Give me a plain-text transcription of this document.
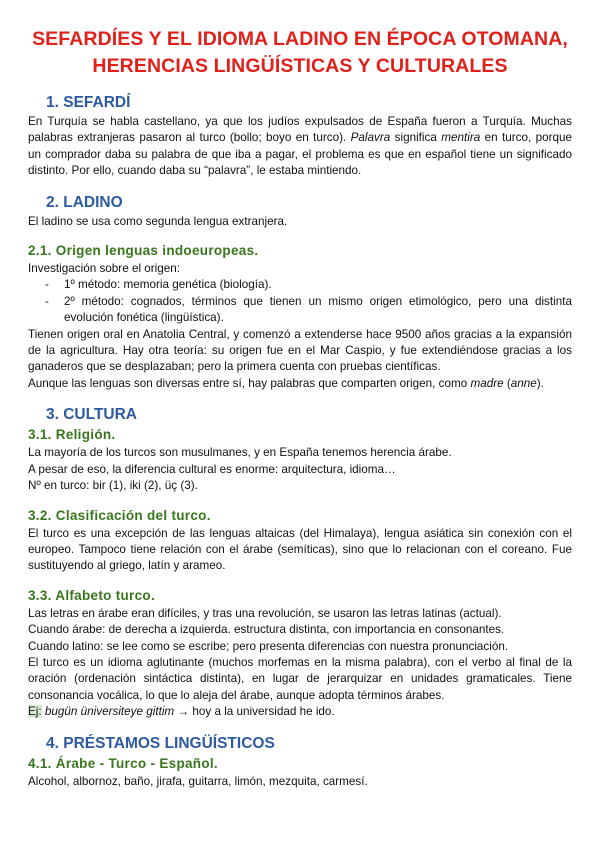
SEFARDÍES Y EL IDIOMA LADINO EN ÉPOCA OTOMANA, HERENCIAS LINGÜÍSTICAS Y CULTURALES
1. SEFARDÍ

En Turquía se habla castellano, ya que los judíos expulsados de España fueron a Turquía. Muchas palabras extranjeras pasaron al turco (bollo; boyo en turco). Palavra significa mentira en turco, porque un comprador daba su palabra de que iba a pagar, el problema es que en español tiene un significado distinto. Por ello, cuando daba su “palavra”, le estaba mintiendo.

2. LADINO

El ladino se usa como segunda lengua extranjera.

2.1. Origen lenguas indoeuropeas.

Investigación sobre el origen:

- 1º método: memoria genética (biología).
- 2º método: cognados, términos que tienen un mismo origen etimológico, pero una distinta evolución fonética (lingüística).

Tienen origen oral en Anatolia Central, y comenzó a extenderse hace 9500 años gracias a la expansión de la agricultura. Hay otra teoría: su origen fue en el Mar Caspio, y fue extendiéndose gracias a los ganaderos que se desplazaban; pero la primera cuenta con pruebas científicas.

Aunque las lenguas son diversas entre sí, hay palabras que comparten origen, como madre (anne).

3. CULTURA
3.1. Religión.

La mayoría de los turcos son musulmanes, y en España tenemos herencia árabe.

A pesar de eso, la diferencia cultural es enorme: arquitectura, idioma…

Nº en turco: bir (1), iki (2), üç (3).

3.2. Clasificación del turco.

El turco es una excepción de las lenguas altaicas (del Himalaya), lengua asiática sin conexión con el europeo. Tampoco tiene relación con el árabe (semíticas), sino que lo relacionan con el coreano. Fue sustituyendo al griego, latín y arameo.

3.3. Alfabeto turco.

Las letras en árabe eran difíciles, y tras una revolución, se usaron las letras latinas (actual).

Cuando árabe: de derecha a izquierda. estructura distinta, con importancia en consonantes.

Cuando latino: se lee como se escribe; pero presenta diferencias con nuestra pronunciación.

El turco es un idioma aglutinante (muchos morfemas en la misma palabra), con el verbo al final de la oración (ordenación sintáctica distinta), en lugar de jerarquizar en unidades gramaticales. Tiene consonancia vocálica, lo que lo aleja del árabe, aunque adopta términos árabes.

Ej: bugün üniversiteye gittim → hoy a la universidad he ido.

4. PRÉSTAMOS LINGÜÍSTICOS
4.1. Árabe - Turco - Español.

Alcohol, albornoz, baño, jirafa, guitarra, limón, mezquita, carmesí.
